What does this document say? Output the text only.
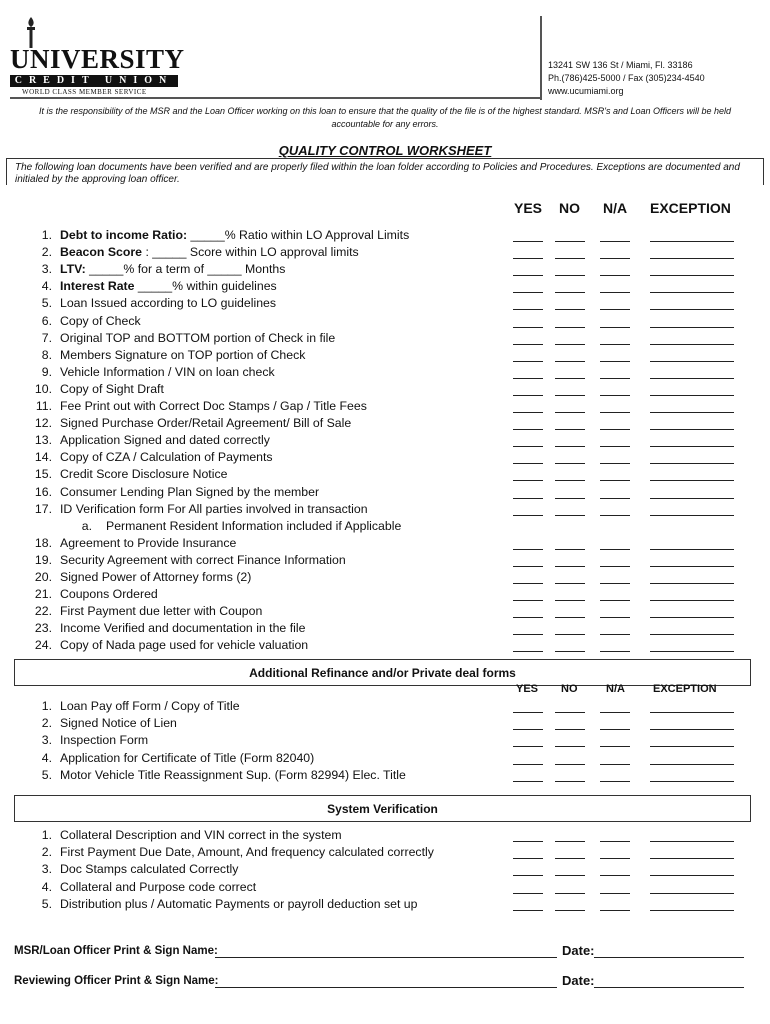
UNIVERSITY
CREDIT UNION
WORLD CLASS MEMBER SERVICE
13241 SW 136 St / Miami, Fl. 33186
Ph.(786)425-5000 / Fax (305)234-4540
www.ucumiami.org
It is the responsibility of the MSR and the Loan Officer working on this loan to ensure that the quality of the file is of the highest standard. MSR's and Loan Officers will be held accountable for any errors.
QUALITY CONTROL WORKSHEET
The following loan documents have been verified and are properly filed within the loan folder according to Policies and Procedures. Exceptions are documented and initialed by the approving loan officer.
YES NO N/A EXCEPTION
1. Debt to income Ratio: _____% Ratio within LO Approval Limits
2. Beacon Score : _____ Score within LO approval limits
3. LTV: _____% for a term of _____ Months
4. Interest Rate _____% within guidelines
5. Loan Issued according to LO guidelines
6. Copy of Check
7. Original TOP and BOTTOM portion of Check in file
8. Members Signature on TOP portion of Check
9. Vehicle Information / VIN on loan check
10. Copy of Sight Draft
11. Fee Print out with Correct Doc Stamps / Gap / Title Fees
12. Signed Purchase Order/Retail Agreement/ Bill of Sale
13. Application Signed and dated correctly
14. Copy of CZA / Calculation of Payments
15. Credit Score Disclosure Notice
16. Consumer Lending Plan Signed by the member
17. ID Verification form For All parties involved in transaction
a. Permanent Resident Information included if Applicable
18. Agreement to Provide Insurance
19. Security Agreement with correct Finance Information
20. Signed Power of Attorney forms (2)
21. Coupons Ordered
22. First Payment due letter with Coupon
23. Income Verified and documentation in the file
24. Copy of Nada page used for vehicle valuation
Additional Refinance and/or Private deal forms
YES NO	N/A	EXCEPTION
1. Loan Pay off Form / Copy of Title
2. Signed Notice of Lien
3. Inspection Form
4. Application for Certificate of Title (Form 82040)
5. Motor Vehicle Title Reassignment Sup. (Form 82994) Elec. Title
System Verification
1. Collateral Description and VIN correct in the system
2. First Payment Due Date, Amount, And frequency calculated correctly
3. Doc Stamps calculated Correctly
4. Collateral and Purpose code correct
5. Distribution plus / Automatic Payments or payroll deduction set up
MSR/Loan Officer Print & Sign Name:	Date:
Reviewing Officer Print & Sign Name:	Date:
